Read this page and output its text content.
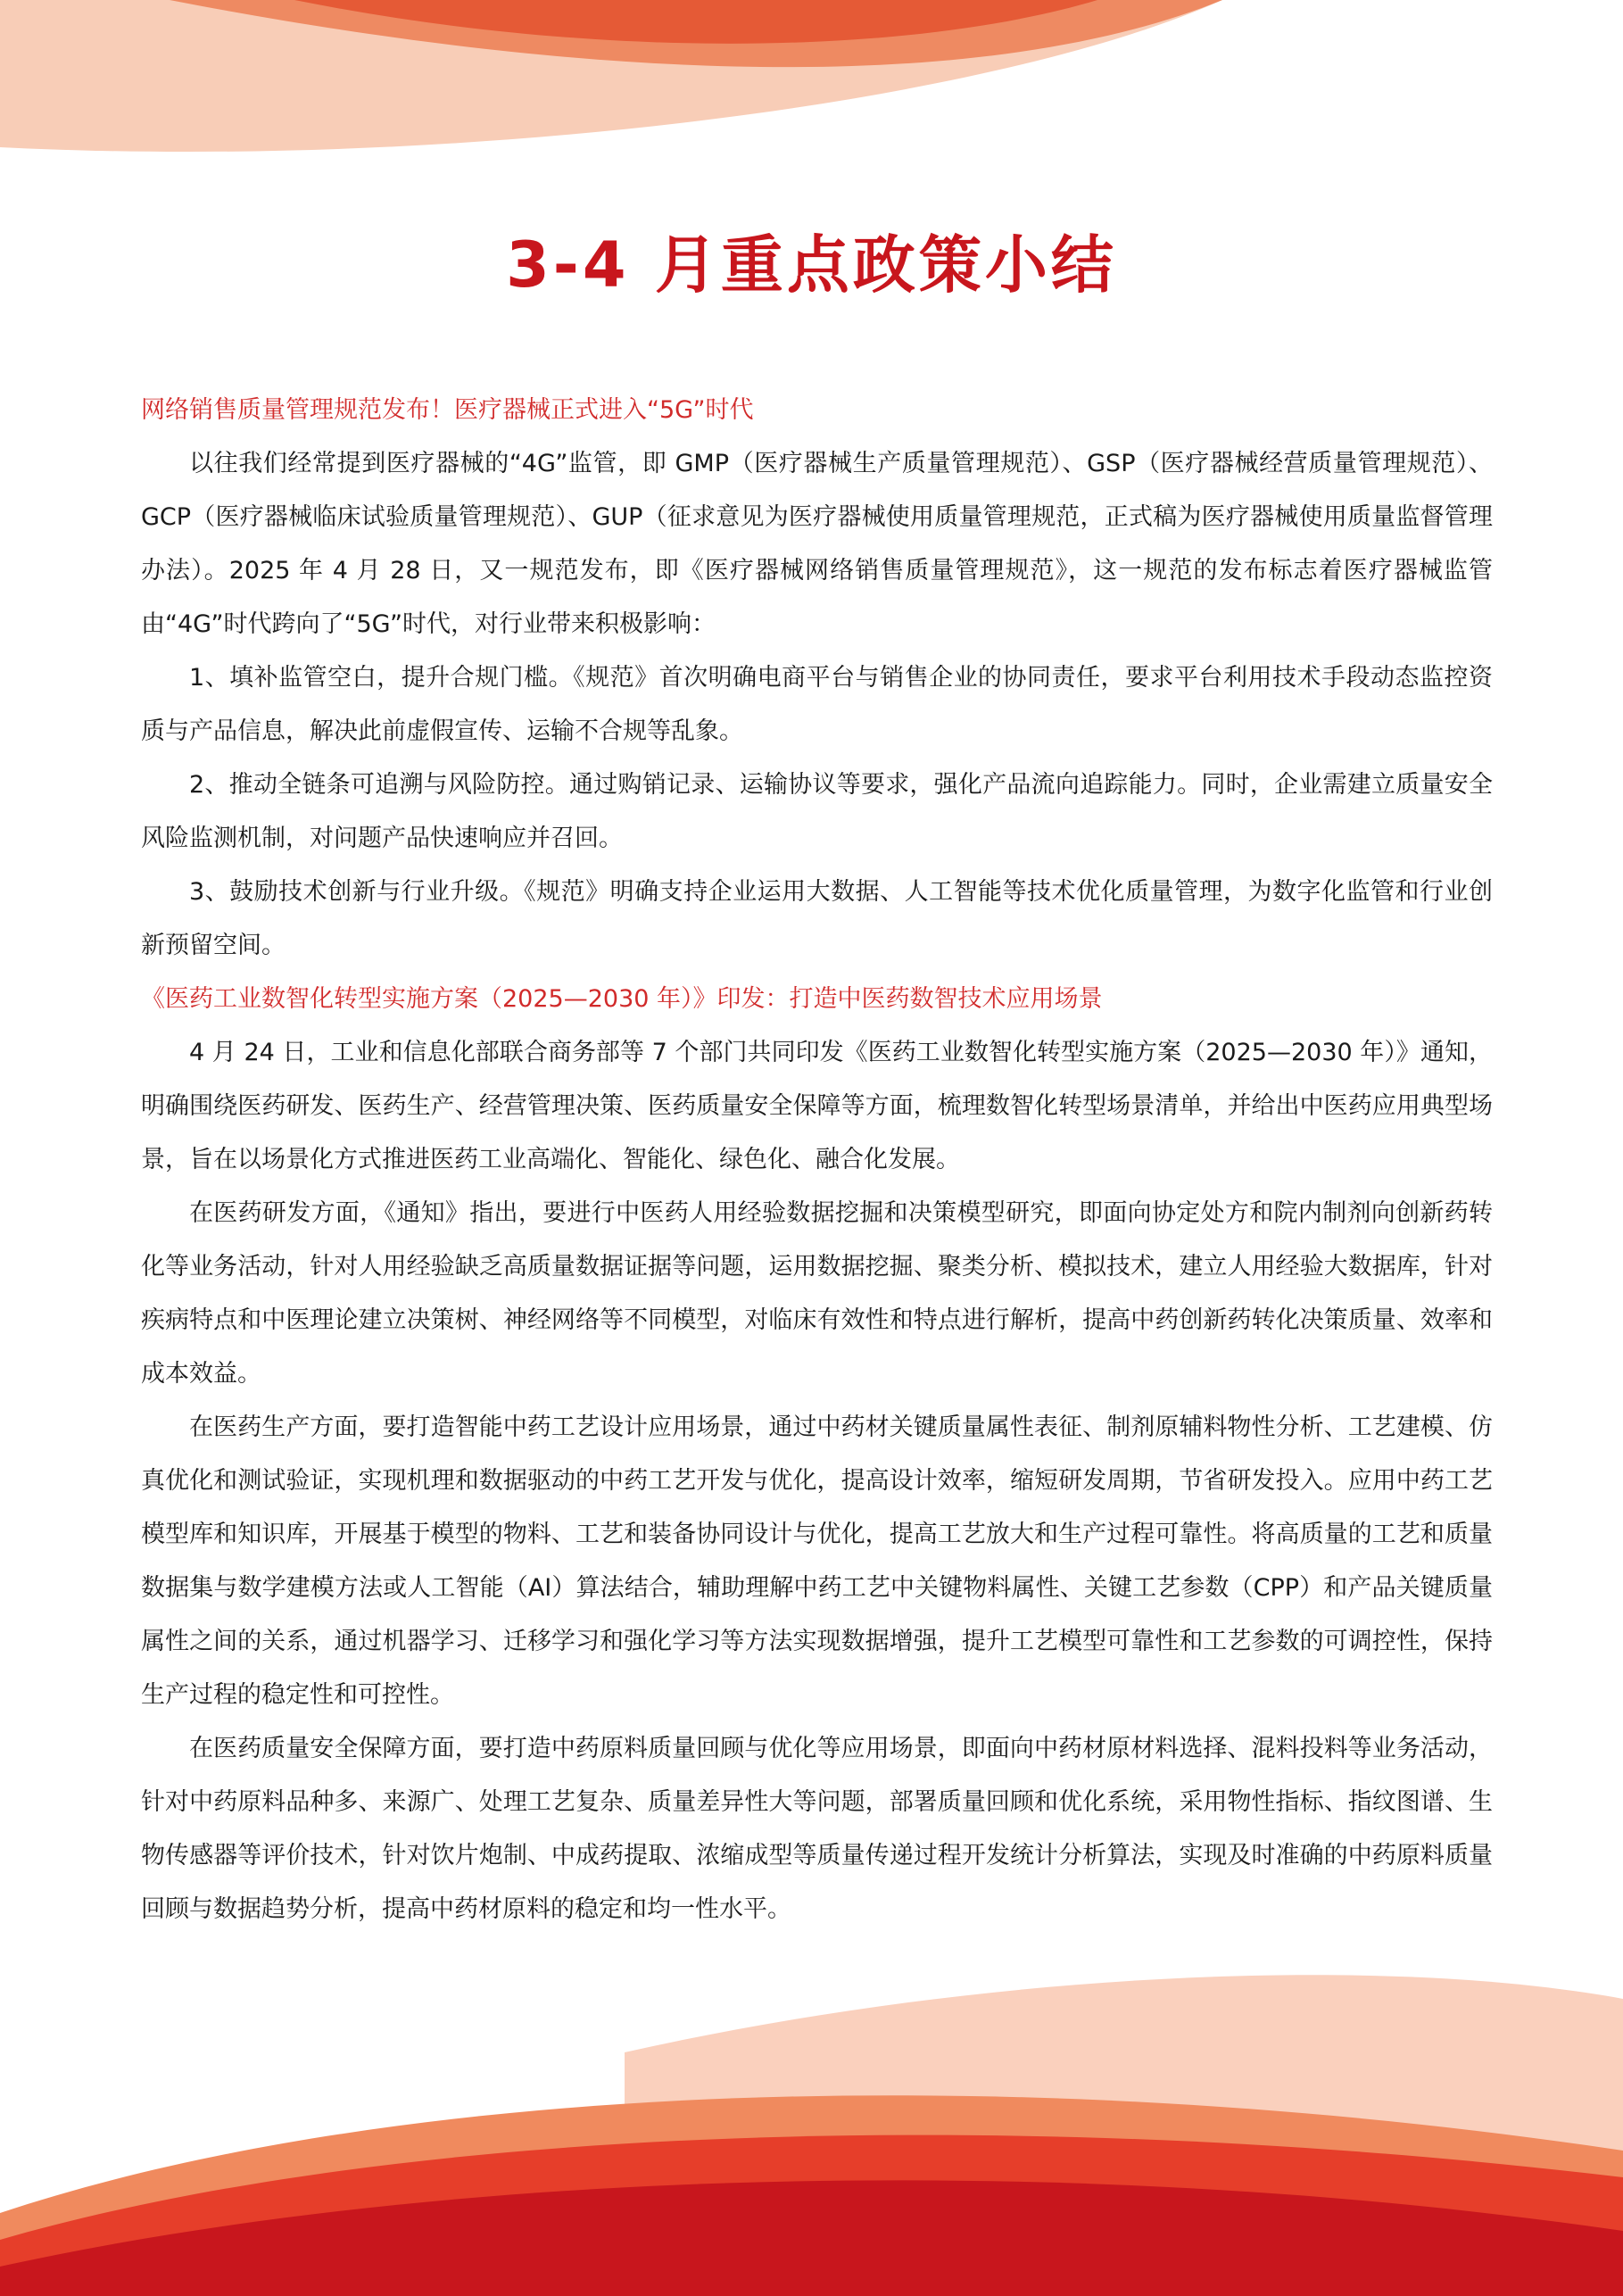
3-4 月重点政策小结
网络销售质量管理规范发布！医疗器械正式进入“5G”时代

以往我们经常提到医疗器械的“4G”监管，即 GMP（医疗器械生产质量管理规范）、GSP（医疗器械经营质量管理规范）、GCP（医疗器械临床试验质量管理规范）、GUP（征求意见为医疗器械使用质量管理规范，正式稿为医疗器械使用质量监督管理办法）。2025 年 4 月 28 日，又一规范发布，即《医疗器械网络销售质量管理规范》，这一规范的发布标志着医疗器械监管由“4G”时代跨向了“5G”时代，对行业带来积极影响：

1、填补监管空白，提升合规门槛。《规范》首次明确电商平台与销售企业的协同责任，要求平台利用技术手段动态监控资质与产品信息，解决此前虚假宣传、运输不合规等乱象。

2、推动全链条可追溯与风险防控。通过购销记录、运输协议等要求，强化产品流向追踪能力。同时，企业需建立质量安全风险监测机制，对问题产品快速响应并召回。

3、鼓励技术创新与行业升级。《规范》明确支持企业运用大数据、人工智能等技术优化质量管理，为数字化监管和行业创新预留空间。

《医药工业数智化转型实施方案（2025—2030 年）》印发：打造中医药数智技术应用场景

4 月 24 日，工业和信息化部联合商务部等 7 个部门共同印发《医药工业数智化转型实施方案（2025—2030 年）》通知，明确围绕医药研发、医药生产、经营管理决策、医药质量安全保障等方面，梳理数智化转型场景清单，并给出中医药应用典型场景，旨在以场景化方式推进医药工业高端化、智能化、绿色化、融合化发展。

在医药研发方面，《通知》指出，要进行中医药人用经验数据挖掘和决策模型研究，即面向协定处方和院内制剂向创新药转化等业务活动，针对人用经验缺乏高质量数据证据等问题，运用数据挖掘、聚类分析、模拟技术，建立人用经验大数据库，针对疾病特点和中医理论建立决策树、神经网络等不同模型，对临床有效性和特点进行解析，提高中药创新药转化决策质量、效率和成本效益。

在医药生产方面，要打造智能中药工艺设计应用场景，通过中药材关键质量属性表征、制剂原辅料物性分析、工艺建模、仿真优化和测试验证，实现机理和数据驱动的中药工艺开发与优化，提高设计效率，缩短研发周期，节省研发投入。应用中药工艺模型库和知识库，开展基于模型的物料、工艺和装备协同设计与优化，提高工艺放大和生产过程可靠性。将高质量的工艺和质量数据集与数学建模方法或人工智能（AI）算法结合，辅助理解中药工艺中关键物料属性、关键工艺参数（CPP）和产品关键质量属性之间的关系，通过机器学习、迁移学习和强化学习等方法实现数据增强，提升工艺模型可靠性和工艺参数的可调控性，保持生产过程的稳定性和可控性。

在医药质量安全保障方面，要打造中药原料质量回顾与优化等应用场景，即面向中药材原材料选择、混料投料等业务活动，针对中药原料品种多、来源广、处理工艺复杂、质量差异性大等问题，部署质量回顾和优化系统，采用物性指标、指纹图谱、生物传感器等评价技术，针对饮片炮制、中成药提取、浓缩成型等质量传递过程开发统计分析算法，实现及时准确的中药原料质量回顾与数据趋势分析，提高中药材原料的稳定和均一性水平。
